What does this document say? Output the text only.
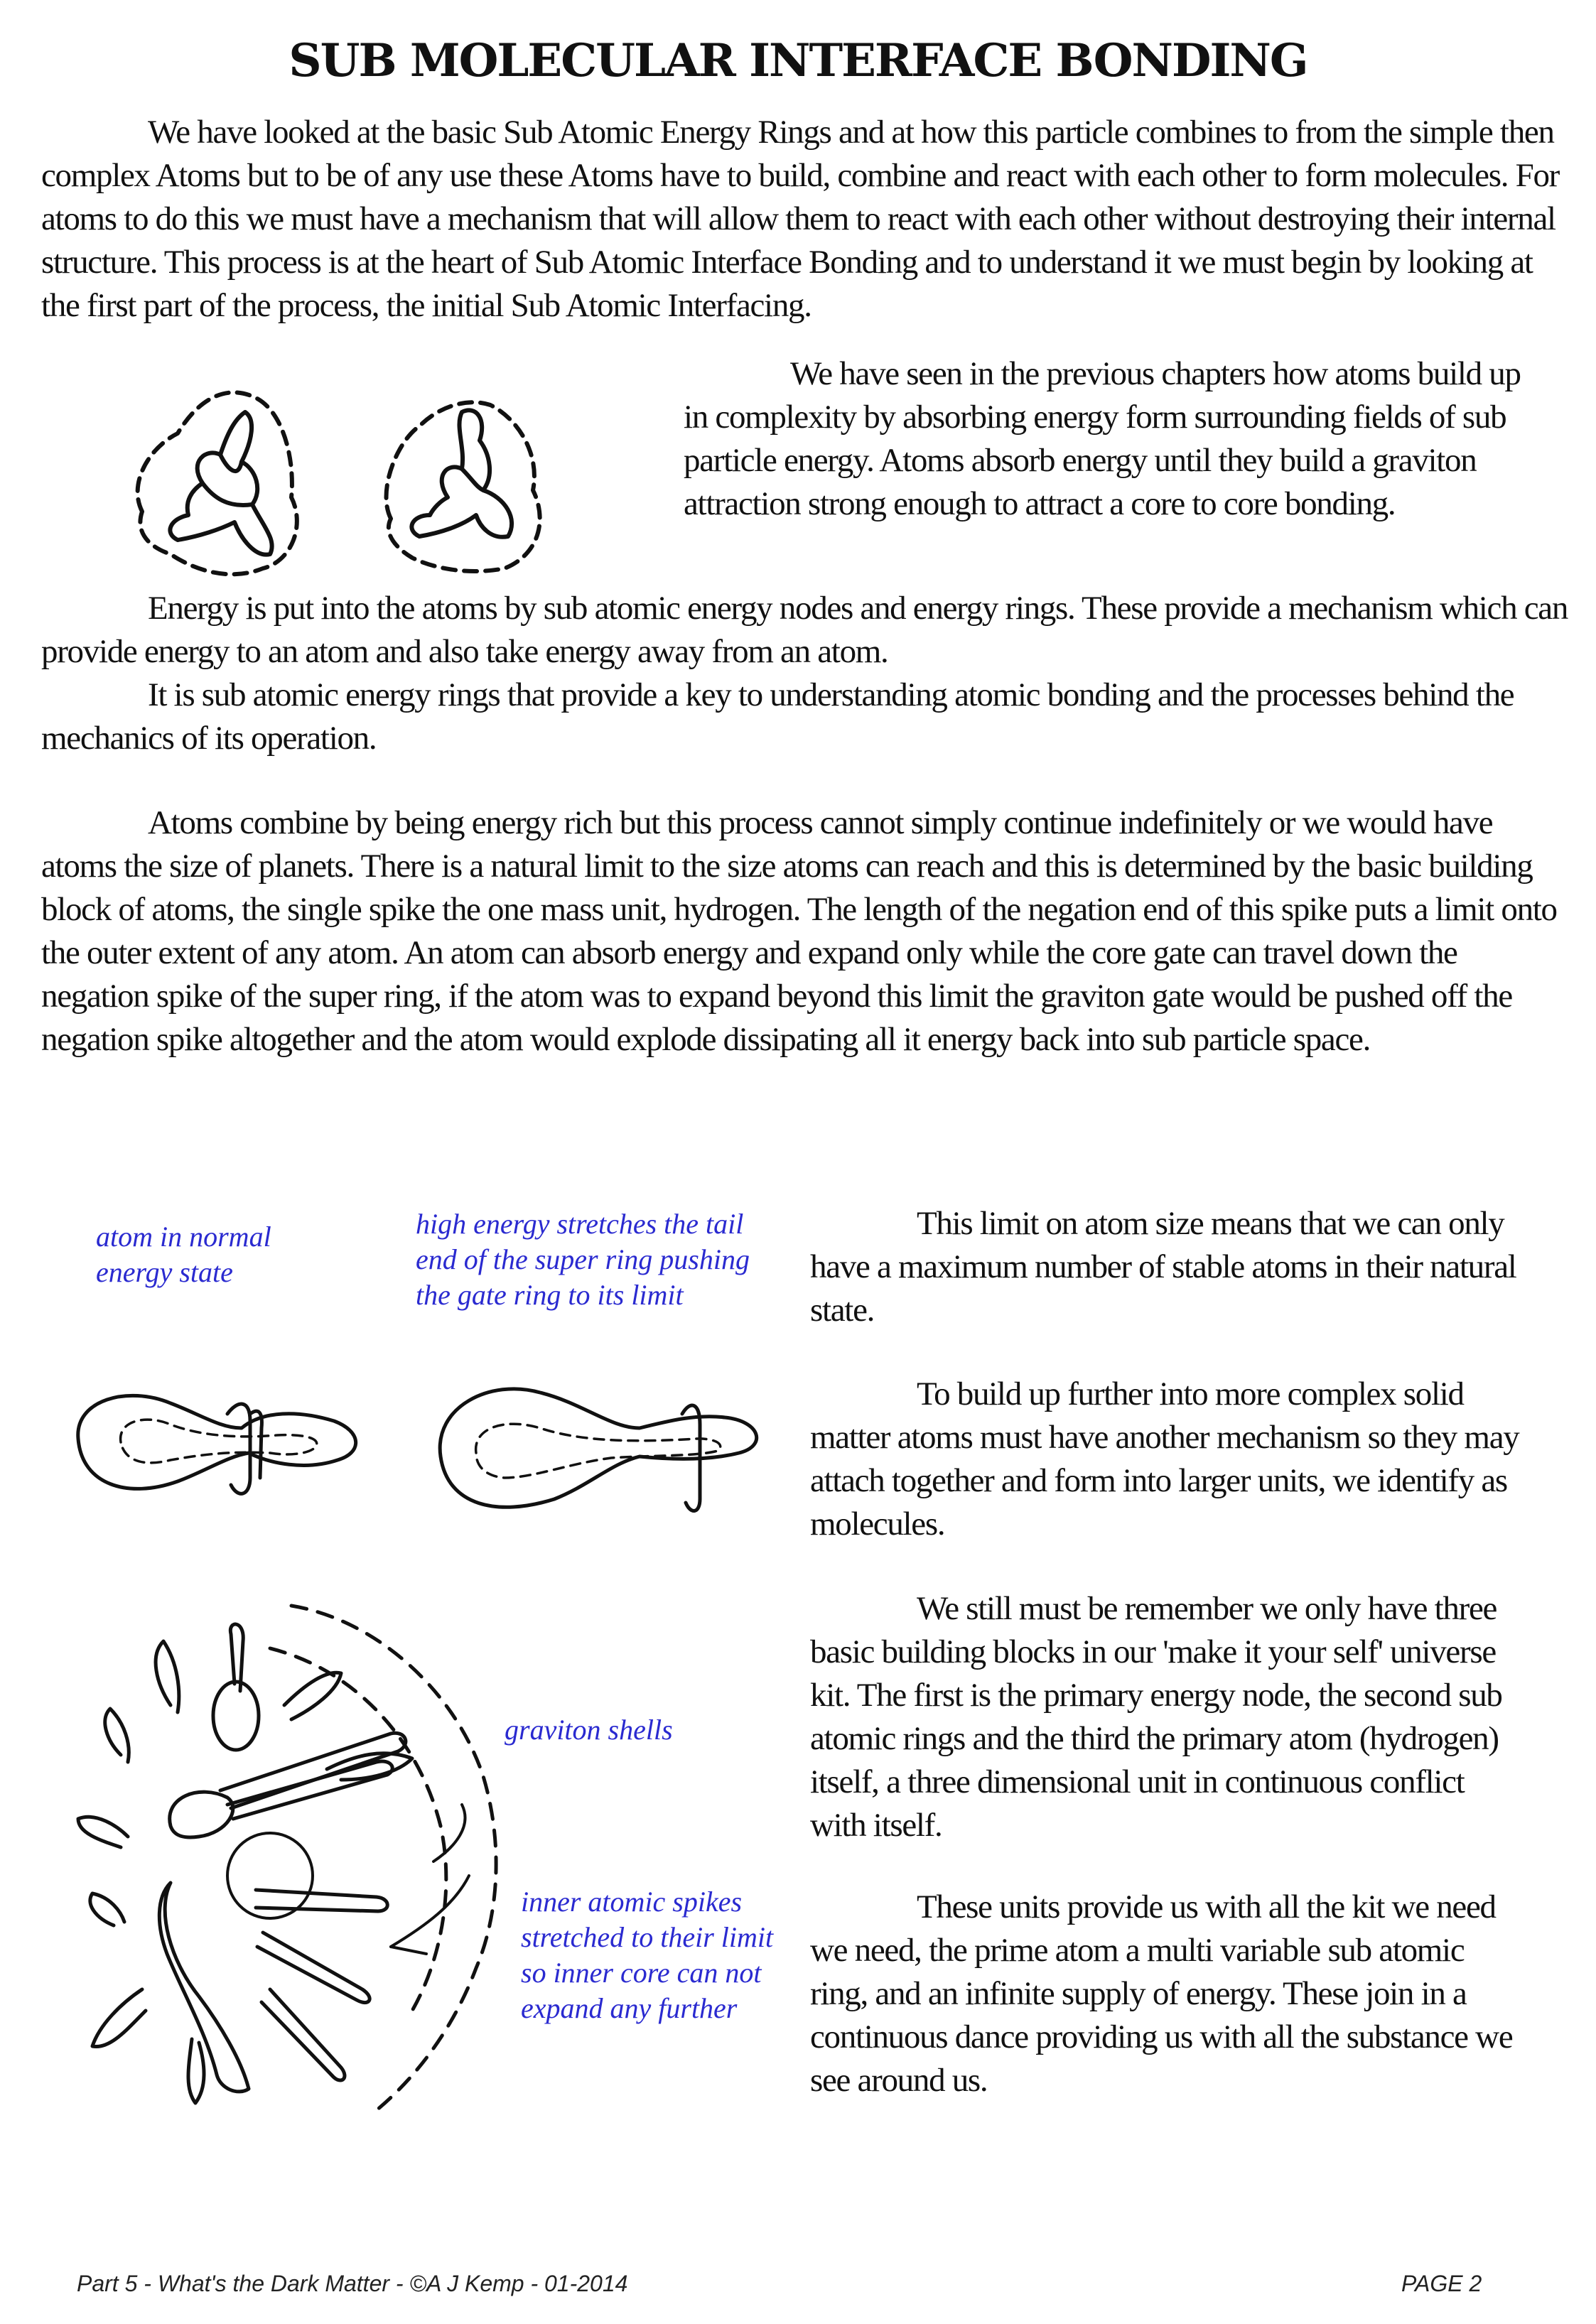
SUB MOLECULAR INTERFACE BONDING

We have looked at the basic Sub Atomic Energy Rings and at how this particle combines to from the simple then complex Atoms but to be of any use these Atoms have to build, combine and react with each other to form molecules. For atoms to do this we must have a mechanism that will allow them to react with each other without destroying their internal structure. This process is at the heart of Sub Atomic Interface Bonding and to understand it we must begin by looking at the first part of the process, the initial Sub Atomic Interfacing.

We have seen in the previous chapters how atoms build up in complexity by absorbing energy form surrounding fields of sub particle energy. Atoms absorb energy until they build a graviton attraction strong enough to attract a core to core bonding.

Energy is put into the atoms by sub atomic energy nodes and energy rings. These provide a mechanism which can provide energy to an atom and also take energy away from an atom.

It is sub atomic energy rings that provide a key to understanding atomic bonding and the processes behind the mechanics of its operation.

Atoms combine by being energy rich but this process cannot simply continue indefinitely or we would have atoms the size of planets. There is a natural limit to the size atoms can reach and this is determined by the basic building block of atoms, the single spike the one mass unit, hydrogen. The length of the negation end of this spike puts a limit onto the outer extent of any atom. An atom can absorb energy and expand only while the core gate can travel down the negation spike of the super ring, if the atom was to expand beyond this limit the graviton gate would be pushed off the negation spike altogether and the atom would explode dissipating all it energy back into sub particle space.

atom in normal energy state

high energy stretches the tail end of the super ring pushing the gate ring to its limit

This limit on atom size means that we can only have a maximum number of stable atoms in their natural state.

To build up further into more complex solid matter atoms must have another mechanism so they may attach together and form into larger units, we identify as molecules.

graviton shells

inner atomic spikes stretched to their limit so inner core can not expand any further

We still must be remember we only have three basic building blocks in our 'make it your self' universe kit. The first is the primary energy node, the second sub atomic rings and the third the primary atom (hydrogen) itself, a three dimensional unit in continuous conflict with itself.

These units provide us with all the kit we need we need, the prime atom a multi variable sub atomic ring, and an infinite supply of energy. These join in a continuous dance providing us with all the substance we see around us.

Part 5 - What's the Dark Matter - ©A J Kemp - 01-2014	PAGE 2
